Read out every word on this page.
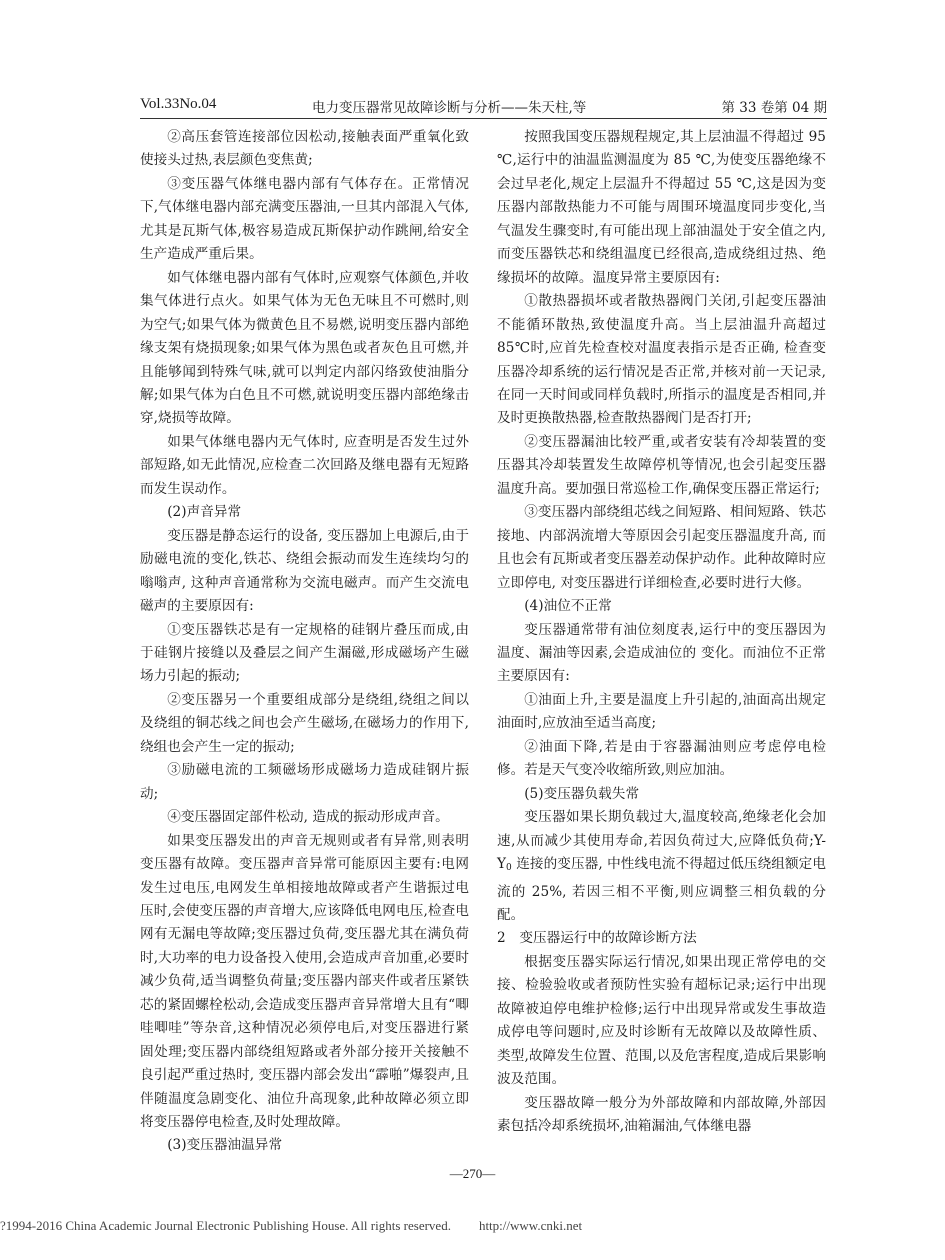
Vol.33No.04	电力变压器常见故障诊断与分析——朱天柱,等	第 33 卷第 04 期

②高压套管连接部位因松动,接触表面严重氧化致使接头过热,表层颜色变焦黄;

③变压器气体继电器内部有气体存在。正常情况下,气体继电器内部充满变压器油,一旦其内部混入气体,尤其是瓦斯气体,极容易造成瓦斯保护动作跳闸,给安全生产造成严重后果。

如气体继电器内部有气体时,应观察气体颜色,并收集气体进行点火。如果气体为无色无味且不可燃时,则为空气;如果气体为微黄色且不易燃,说明变压器内部绝缘支架有烧损现象;如果气体为黑色或者灰色且可燃,并且能够闻到特殊气味,就可以判定内部闪络致使油脂分解;如果气体为白色且不可燃,就说明变压器内部绝缘击穿,烧损等故障。

如果气体继电器内无气体时, 应查明是否发生过外部短路,如无此情况,应检查二次回路及继电器有无短路而发生误动作。

(2)声音异常

变压器是静态运行的设备, 变压器加上电源后,由于励磁电流的变化,铁芯、绕组会振动而发生连续均匀的嗡嗡声, 这种声音通常称为交流电磁声。而产生交流电磁声的主要原因有:

①变压器铁芯是有一定规格的硅钢片叠压而成,由于硅钢片接缝以及叠层之间产生漏磁,形成磁场产生磁场力引起的振动;

②变压器另一个重要组成部分是绕组,绕组之间以及绕组的铜芯线之间也会产生磁场,在磁场力的作用下,绕组也会产生一定的振动;

③励磁电流的工频磁场形成磁场力造成硅钢片振动;

④变压器固定部件松动, 造成的振动形成声音。

如果变压器发出的声音无规则或者有异常,则表明变压器有故障。变压器声音异常可能原因主要有:电网发生过电压,电网发生单相接地故障或者产生谐振过电压时,会使变压器的声音增大,应该降低电网电压,检查电网有无漏电等故障;变压器过负荷,变压器尤其在满负荷时,大功率的电力设备投入使用,会造成声音加重,必要时减少负荷,适当调整负荷量;变压器内部夹件或者压紧铁芯的紧固螺栓松动,会造成变压器声音异常增大且有“唧哇唧哇”等杂音,这种情况必须停电后,对变压器进行紧固处理;变压器内部绕组短路或者外部分接开关接触不良引起严重过热时, 变压器内部会发出“霹啪”爆裂声,且伴随温度急剧变化、油位升高现象,此种故障必须立即将变压器停电检查,及时处理故障。

(3)变压器油温异常

按照我国变压器规程规定,其上层油温不得超过 95 ℃,运行中的油温监测温度为 85 ℃,为使变压器绝缘不会过早老化,规定上层温升不得超过 55 ℃,这是因为变压器内部散热能力不可能与周围环境温度同步变化,当气温发生骤变时,有可能出现上部油温处于安全值之内,而变压器铁芯和绕组温度已经很高,造成绕组过热、绝缘损坏的故障。温度异常主要原因有:

①散热器损坏或者散热器阀门关闭,引起变压器油不能循环散热,致使温度升高。当上层油温升高超过 85℃时,应首先检查校对温度表指示是否正确, 检查变压器冷却系统的运行情况是否正常,并核对前一天记录, 在同一天时间或同样负载时,所指示的温度是否相同,并及时更换散热器,检查散热器阀门是否打开;

②变压器漏油比较严重,或者安装有冷却装置的变压器其冷却装置发生故障停机等情况,也会引起变压器温度升高。要加强日常巡检工作,确保变压器正常运行;

③变压器内部绕组芯线之间短路、相间短路、铁芯接地、内部涡流增大等原因会引起变压器温度升高, 而且也会有瓦斯或者变压器差动保护动作。此种故障时应立即停电, 对变压器进行详细检查,必要时进行大修。

(4)油位不正常

变压器通常带有油位刻度表,运行中的变压器因为温度、漏油等因素,会造成油位的 变化。而油位不正常主要原因有:

①油面上升,主要是温度上升引起的,油面高出规定油面时,应放油至适当高度;

②油面下降,若是由于容器漏油则应考虑停电检修。若是天气变冷收缩所致,则应加油。

(5)变压器负载失常

变压器如果长期负载过大,温度较高,绝缘老化会加速,从而减少其使用寿命,若因负荷过大,应降低负荷$;Y-Y_0$ 连接的变压器, 中性线电流不得超过低压绕组额定电流的 25%, 若因三相不平衡,则应调整三相负载的分配。

2　变压器运行中的故障诊断方法

根据变压器实际运行情况,如果出现正常停电的交接、检验验收或者预防性实验有超标记录;运行中出现故障被迫停电维护检修;运行中出现异常或发生事故造成停电等问题时,应及时诊断有无故障以及故障性质、类型,故障发生位置、范围,以及危害程度,造成后果影响波及范围。

变压器故障一般分为外部故障和内部故障,外部因素包括冷却系统损坏,油箱漏油,气体继电器

—270—
?1994-2016 China Academic Journal Electronic Publishing House. All rights reserved. http://www.cnki.net
